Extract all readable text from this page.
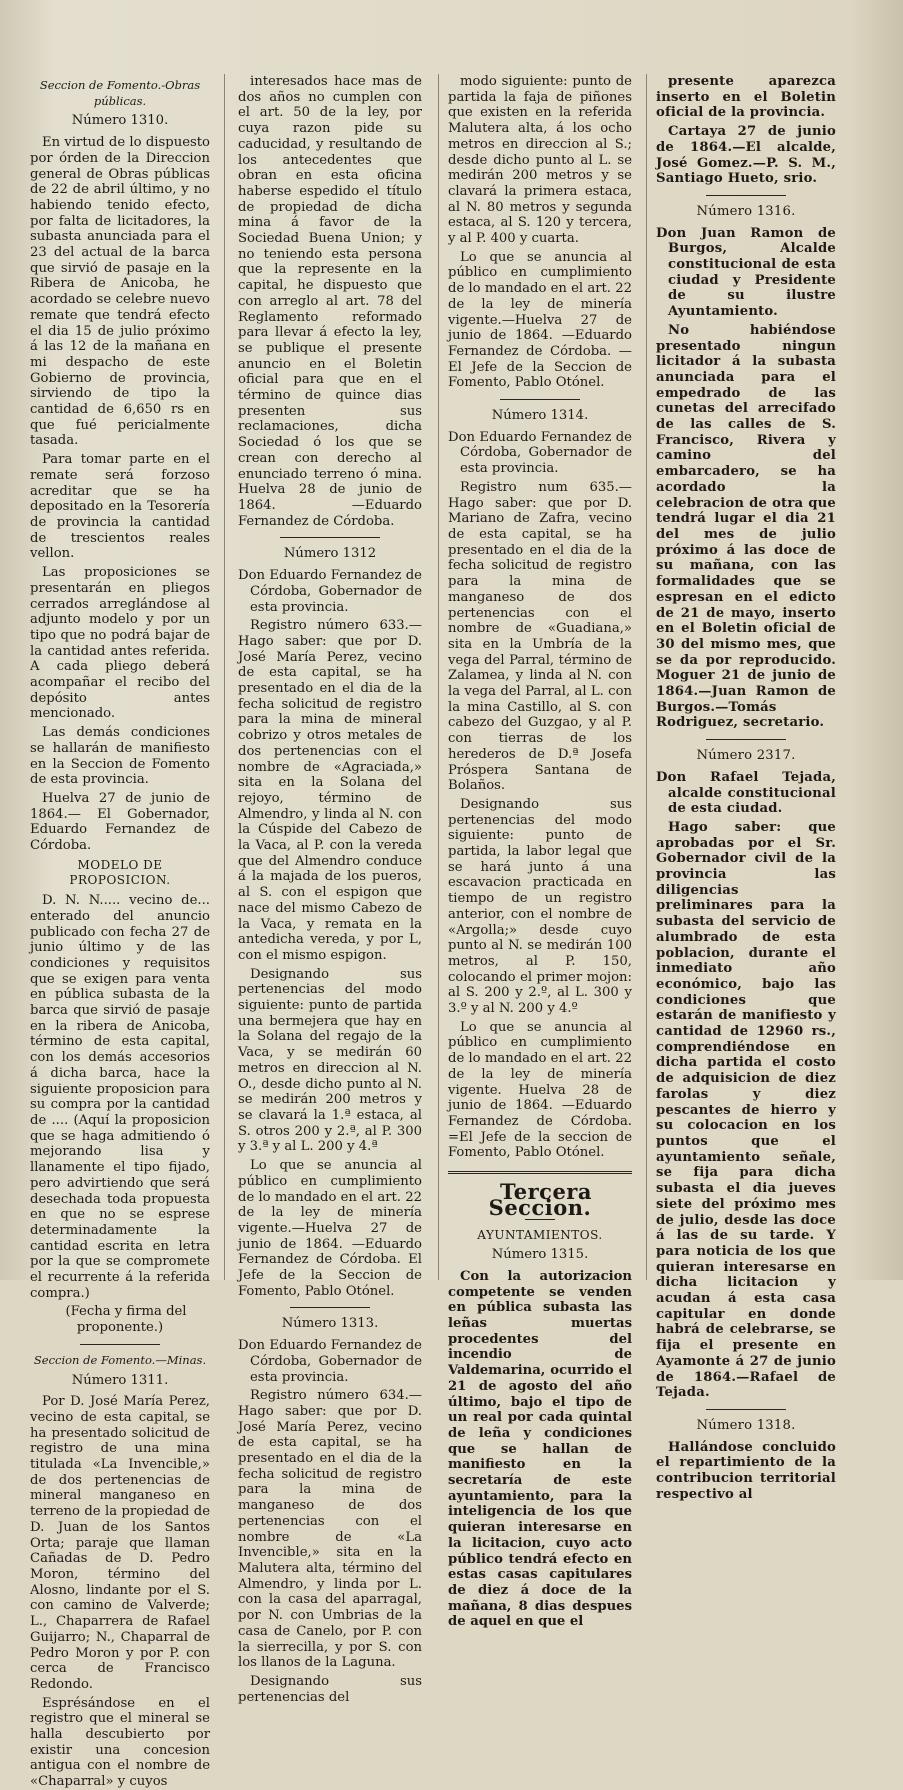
Seccion de Fomento.-Obras públicas.

Número 1310.

En virtud de lo dispuesto por órden de la Direccion general de Obras públicas de 22 de abril último, y no habiendo tenido efecto, por falta de licitadores, la subasta anunciada para el 23 del actual de la barca que sirvió de pasaje en la Ribera de Anicoba, he acordado se celebre nuevo remate que tendrá efecto el dia 15 de julio próximo á las 12 de la mañana en mi despacho de este Gobierno de provincia, sirviendo de tipo la cantidad de 6,650 rs en que fué pericialmente tasada.

Para tomar parte en el remate será forzoso acreditar que se ha depositado en la Tesorería de provincia la cantidad de trescientos reales vellon.

Las proposiciones se presentarán en pliegos cerrados arreglándose al adjunto modelo y por un tipo que no podrá bajar de la cantidad antes referida. A cada pliego deberá acompañar el recibo del depósito antes mencionado.

Las demás condiciones se hallarán de manifiesto en la Seccion de Fomento de esta provincia.

Huelva 27 de junio de 1864.— El Gobernador, Eduardo Fernandez de Córdoba.

MODELO DE PROPOSICION.

D. N. N..... vecino de... enterado del anuncio publicado con fecha 27 de junio último y de las condiciones y requisitos que se exigen para venta en pública subasta de la barca que sirvió de pasaje en la ribera de Anicoba, término de esta capital, con los demás accesorios á dicha barca, hace la siguiente proposicion para su compra por la cantidad de .... (Aquí la proposicion que se haga admitiendo ó mejorando lisa y llanamente el tipo fijado, pero advirtiendo que será desechada toda propuesta en que no se esprese determinadamente la cantidad escrita en letra por la que se compromete el recurrente á la referida compra.)

(Fecha y firma del proponente.)

Seccion de Fomento.—Minas.

Número 1311.

Por D. José María Perez, vecino de esta capital, se ha presentado solicitud de registro de una mina titulada «La Invencible,» de dos pertenencias de mineral manganeso en terreno de la propiedad de D. Juan de los Santos Orta; paraje que llaman Cañadas de D. Pedro Moron, término del Alosno, lindante por el S. con camino de Valverde; L., Chaparrera de Rafael Guijarro; N., Chaparral de Pedro Moron y por P. con cerca de Francisco Redondo.

Esprésándose en el registro que el mineral se halla descubierto por existir una concesion antigua con el nombre de «Chaparral» y cuyos

interesados hace mas de dos años no cumplen con el art. 50 de la ley, por cuya razon pide su caducidad, y resultando de los antecedentes que obran en esta oficina haberse espedido el título de propiedad de dicha mina á favor de la Sociedad Buena Union; y no teniendo esta persona que la represente en la capital, he dispuesto que con arreglo al art. 78 del Reglamento reformado para llevar á efecto la ley, se publique el presente anuncio en el Boletin oficial para que en el término de quince dias presenten sus reclamaciones, dicha Sociedad ó los que se crean con derecho al enunciado terreno ó mina. Huelva 28 de junio de 1864. —Eduardo Fernandez de Córdoba.

Número 1312

Don Eduardo Fernandez de Córdoba, Gobernador de esta provincia.

Registro número 633.—Hago saber: que por D. José María Perez, vecino de esta capital, se ha presentado en el dia de la fecha solicitud de registro para la mina de mineral cobrizo y otros metales de dos pertenencias con el nombre de «Agraciada,» sita en la Solana del rejoyo, término de Almendro, y linda al N. con la Cúspide del Cabezo de la Vaca, al P. con la vereda que del Almendro conduce á la majada de los pueros, al S. con el espigon que nace del mismo Cabezo de la Vaca, y remata en la antedicha vereda, y por L, con el mismo espigon.

Designando sus pertenencias del modo siguiente: punto de partida una bermejera que hay en la Solana del regajo de la Vaca, y se medirán 60 metros en direccion al N. O., desde dicho punto al N. se medirán 200 metros y se clavará la 1.ª estaca, al S. otros 200 y 2.ª, al P. 300 y 3.ª y al L. 200 y 4.ª

Lo que se anuncia al público en cumplimiento de lo mandado en el art. 22 de la ley de minería vigente.—Huelva 27 de junio de 1864. —Eduardo Fernandez de Córdoba. El Jefe de la Seccion de Fomento, Pablo Otónel.

Número 1313.

Don Eduardo Fernandez de Córdoba, Gobernador de esta provincia.

Registro número 634.—Hago saber: que por D. José María Perez, vecino de esta capital, se ha presentado en el dia de la fecha solicitud de registro para la mina de manganeso de dos pertenencias con el nombre de «La Invencible,» sita en la Malutera alta, término del Almendro, y linda por L. con la casa del aparragal, por N. con Umbrias de la casa de Canelo, por P. con la sierrecilla, y por S. con los llanos de la Laguna.

Designando sus pertenencias del

modo siguiente: punto de partida la faja de piñones que existen en la referida Malutera alta, á los ocho metros en direccion al S.; desde dicho punto al L. se medirán 200 metros y se clavará la primera estaca, al N. 80 metros y segunda estaca, al S. 120 y tercera, y al P. 400 y cuarta.

Lo que se anuncia al público en cumplimiento de lo mandado en el art. 22 de la ley de minería vigente.—Huelva 27 de junio de 1864. —Eduardo Fernandez de Córdoba. —El Jefe de la Seccion de Fomento, Pablo Otónel.

Número 1314.

Don Eduardo Fernandez de Córdoba, Gobernador de esta provincia.

Registro num 635.—Hago saber: que por D. Mariano de Zafra, vecino de esta capital, se ha presentado en el dia de la fecha solicitud de registro para la mina de manganeso de dos pertenencias con el nombre de «Guadiana,» sita en la Umbría de la vega del Parral, término de Zalamea, y linda al N. con la vega del Parral, al L. con la mina Castillo, al S. con cabezo del Guzgao, y al P. con tierras de los herederos de D.ª Josefa Próspera Santana de Bolaños.

Designando sus pertenencias del modo siguiente: punto de partida, la labor legal que se hará junto á una escavacion practicada en tiempo de un registro anterior, con el nombre de «Argolla;» desde cuyo punto al N. se medirán 100 metros, al P. 150, colocando el primer mojon: al S. 200 y 2.º, al L. 300 y 3.º y al N. 200 y 4.º

Lo que se anuncia al público en cumplimiento de lo mandado en el art. 22 de la ley de minería vigente. Huelva 28 de junio de 1864. —Eduardo Fernandez de Córdoba. =El Jefe de la seccion de Fomento, Pablo Otónel.

Tercera Seccion.

AYUNTAMIENTOS.

Número 1315.

Con la autorizacion competente se venden en pública subasta las leñas muertas procedentes del incendio de Valdemarina, ocurrido el 21 de agosto del año último, bajo el tipo de un real por cada quintal de leña y condiciones que se hallan de manifiesto en la secretaría de este ayuntamiento, para la inteligencia de los que quieran interesarse en la licitacion, cuyo acto público tendrá efecto en estas casas capitulares de diez á doce de la mañana, 8 dias despues de aquel en que el

presente aparezca inserto en el Boletin oficial de la provincia.

Cartaya 27 de junio de 1864.—El alcalde, José Gomez.—P. S. M., Santiago Hueto, srio.

Número 1316.

Don Juan Ramon de Burgos, Alcalde constitucional de esta ciudad y Presidente de su ilustre Ayuntamiento.

No habiéndose presentado ningun licitador á la subasta anunciada para el empedrado de las cunetas del arrecifado de las calles de S. Francisco, Rivera y camino del embarcadero, se ha acordado la celebracion de otra que tendrá lugar el dia 21 del mes de julio próximo á las doce de su mañana, con las formalidades que se espresan en el edicto de 21 de mayo, inserto en el Boletin oficial de 30 del mismo mes, que se da por reproducido. Moguer 21 de junio de 1864.—Juan Ramon de Burgos.—Tomás Rodriguez, secretario.

Número 2317.

Don Rafael Tejada, alcalde constitucional de esta ciudad.

Hago saber: que aprobadas por el Sr. Gobernador civil de la provincia las diligencias preliminares para la subasta del servicio de alumbrado de esta poblacion, durante el inmediato año económico, bajo las condiciones que estarán de manifiesto y cantidad de 12960 rs., comprendiéndose en dicha partida el costo de adquisicion de diez farolas y diez pescantes de hierro y su colocacion en los puntos que el ayuntamiento señale, se fija para dicha subasta el dia jueves siete del próximo mes de julio, desde las doce á las de su tarde. Y para noticia de los que quieran interesarse en dicha licitacion y acudan á esta casa capitular en donde habrá de celebrarse, se fija el presente en Ayamonte á 27 de junio de 1864.—Rafael de Tejada.

Número 1318.

Hallándose concluido el repartimiento de la contribucion territorial respectivo al
